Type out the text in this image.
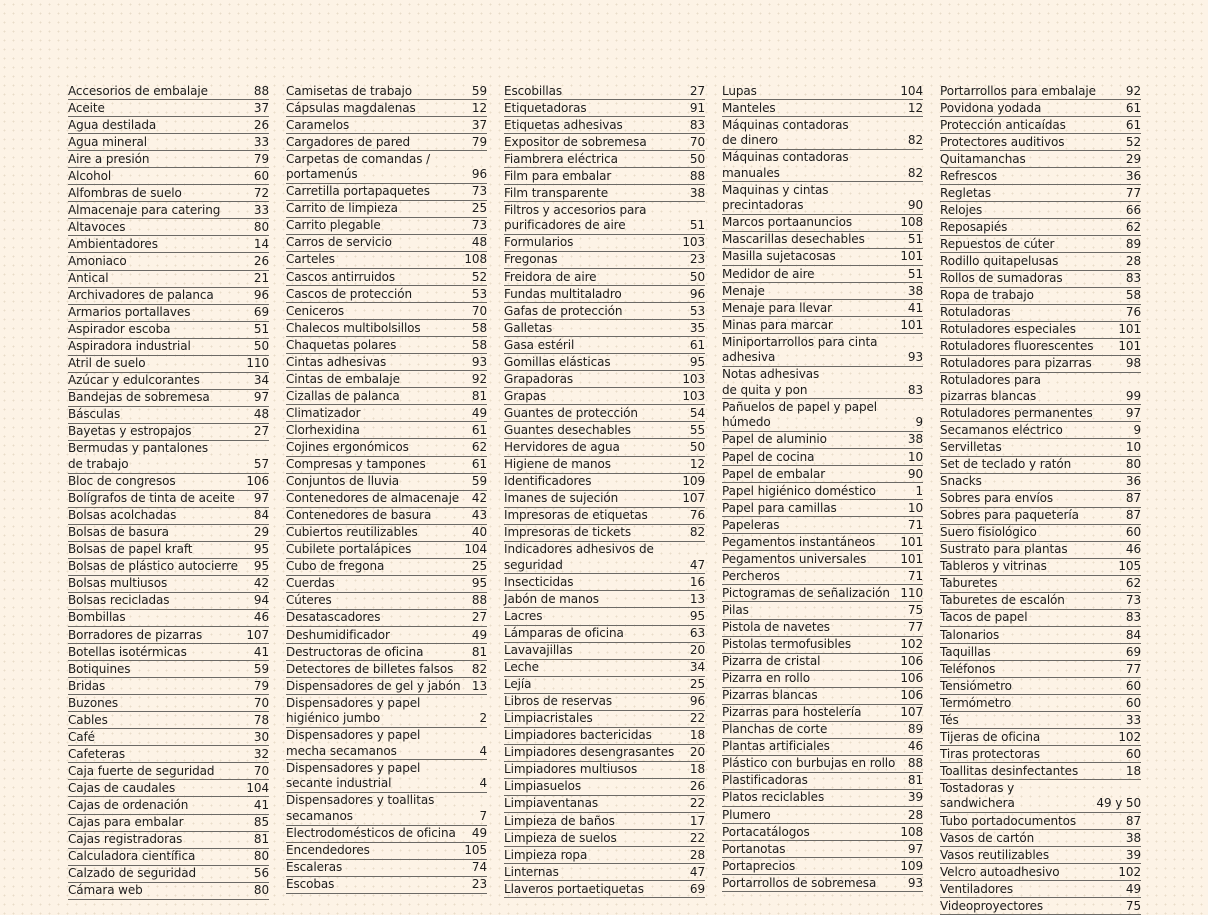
Accesorios de embalaje	88
Aceite	37
Agua destilada	26
Agua mineral	33
Aire a presión	79
Alcohol	60
Alfombras de suelo	72
Almacenaje para catering	33
Altavoces	80
Ambientadores	14
Amoniaco	26
Antical	21
Archivadores de palanca	96
Armarios portallaves	69
Aspirador escoba	51
Aspiradora industrial	50
Atril de suelo	110
Azúcar y edulcorantes	34
Bandejas de sobremesa	97
Básculas	48
Bayetas y estropajos	27
Bermudas y pantalones
de trabajo	57
Bloc de congresos	106
Bolígrafos de tinta de aceite	97
Bolsas acolchadas	84
Bolsas de basura	29
Bolsas de papel kraft	95
Bolsas de plástico autocierre	95
Bolsas multiusos	42
Bolsas recicladas	94
Bombillas	46
Borradores de pizarras	107
Botellas isotérmicas	41
Botiquines	59
Bridas	79
Buzones	70
Cables	78
Café	30
Cafeteras	32
Caja fuerte de seguridad	70
Cajas de caudales	104
Cajas de ordenación	41
Cajas para embalar	85
Cajas registradoras	81
Calculadora científica	80
Calzado de seguridad	56
Cámara web	80
Camisetas de trabajo	59
Cápsulas magdalenas	12
Caramelos	37
Cargadores de pared	79
Carpetas de comandas /
portamenús	96
Carretilla portapaquetes	73
Carrito de limpieza	25
Carrito plegable	73
Carros de servicio	48
Carteles	108
Cascos antirruidos	52
Cascos de protección	53
Ceniceros	70
Chalecos multibolsillos	58
Chaquetas polares	58
Cintas adhesivas	93
Cintas de embalaje	92
Cizallas de palanca	81
Climatizador	49
Clorhexidina	61
Cojines ergonómicos	62
Compresas y tampones	61
Conjuntos de lluvia	59
Contenedores de almacenaje	42
Contenedores de basura	43
Cubiertos reutilizables	40
Cubilete portalápices	104
Cubo de fregona	25
Cuerdas	95
Cúteres	88
Desatascadores	27
Deshumidificador	49
Destructoras de oficina	81
Detectores de billetes falsos	82
Dispensadores de gel y jabón 13
Dispensadores y papel
higiénico jumbo	2
Dispensadores y papel
mecha secamanos	4
Dispensadores y papel
secante industrial	4
Dispensadores y toallitas
secamanos	7
Electrodomésticos de oficina	49
Encendedores	105
Escaleras	74
Escobas	23
Escobillas	27
Etiquetadoras	91
Etiquetas adhesivas	83
Expositor de sobremesa	70
Fiambrera eléctrica	50
Film para embalar	88
Film transparente	38
Filtros y accesorios para
purificadores de aire	51
Formularios	103
Fregonas	23
Freidora de aire	50
Fundas multitaladro	96
Gafas de protección	53
Galletas	35
Gasa estéril	61
Gomillas elásticas	95
Grapadoras	103
Grapas	103
Guantes de protección	54
Guantes desechables	55
Hervidores de agua	50
Higiene de manos	12
Identificadores	109
Imanes de sujeción	107
Impresoras de etiquetas	76
Impresoras de tickets	82
Indicadores adhesivos de
seguridad	47
Insecticidas	16
Jabón de manos	13
Lacres	95
Lámparas de oficina	63
Lavavajillas	20
Leche	34
Lejía	25
Libros de reservas	96
Limpiacristales	22
Limpiadores bactericidas	18
Limpiadores desengrasantes	20
Limpiadores multiusos	18
Limpiasuelos	26
Limpiaventanas	22
Limpieza de baños	17
Limpieza de suelos	22
Limpieza ropa	28
Linternas	47
Llaveros portaetiquetas	69
Lupas	104
Manteles	12
Máquinas contadoras
de dinero	82
Máquinas contadoras
manuales	82
Maquinas y cintas
precintadoras	90
Marcos portaanuncios	108
Mascarillas desechables	51
Masilla sujetacosas	101
Medidor de aire	51
Menaje	38
Menaje para llevar	41
Minas para marcar	101
Miniportarrollos para cinta
adhesiva	93
Notas adhesivas
de quita y pon	83
Pañuelos de papel y papel
húmedo	9
Papel de aluminio	38
Papel de cocina	10
Papel de embalar	90
Papel higiénico doméstico	1
Papel para camillas	10
Papeleras	71
Pegamentos instantáneos	101
Pegamentos universales	101
Percheros	71
Pictogramas de señalización 110
Pilas	75
Pistola de navetes	77
Pistolas termofusibles	102
Pizarra de cristal	106
Pizarra en rollo	106
Pizarras blancas	106
Pizarras para hostelería	107
Planchas de corte	89
Plantas artificiales	46
Plástico con burbujas en rollo	88
Plastificadoras	81
Platos reciclables	39
Plumero	28
Portacatálogos	108
Portanotas	97
Portaprecios	109
Portarrollos de sobremesa	93
Portarrollos para embalaje	92
Povidona yodada	61
Protección anticaídas	61
Protectores auditivos	52
Quitamanchas	29
Refrescos	36
Regletas	77
Relojes	66
Reposapiés	62
Repuestos de cúter	89
Rodillo quitapelusas	28
Rollos de sumadoras	83
Ropa de trabajo	58
Rotuladoras	76
Rotuladores especiales	101
Rotuladores fluorescentes	101
Rotuladores para pizarras	98
Rotuladores para
pizarras blancas	99
Rotuladores permanentes	97
Secamanos eléctrico	9
Servilletas	10
Set de teclado y ratón	80
Snacks	36
Sobres para envíos	87
Sobres para paquetería	87
Suero fisiológico	60
Sustrato para plantas	46
Tableros y vitrinas	105
Taburetes	62
Taburetes de escalón	73
Tacos de papel	83
Talonarios	84
Taquillas	69
Teléfonos	77
Tensiómetro	60
Termómetro	60
Tés	33
Tijeras de oficina	102
Tiras protectoras	60
Toallitas desinfectantes	18
Tostadoras y sandwichera	49 y 50
Tubo portadocumentos	87
Vasos de cartón	38
Vasos reutilizables	39
Velcro autoadhesivo	102
Ventiladores	49
Videoproyectores	75
